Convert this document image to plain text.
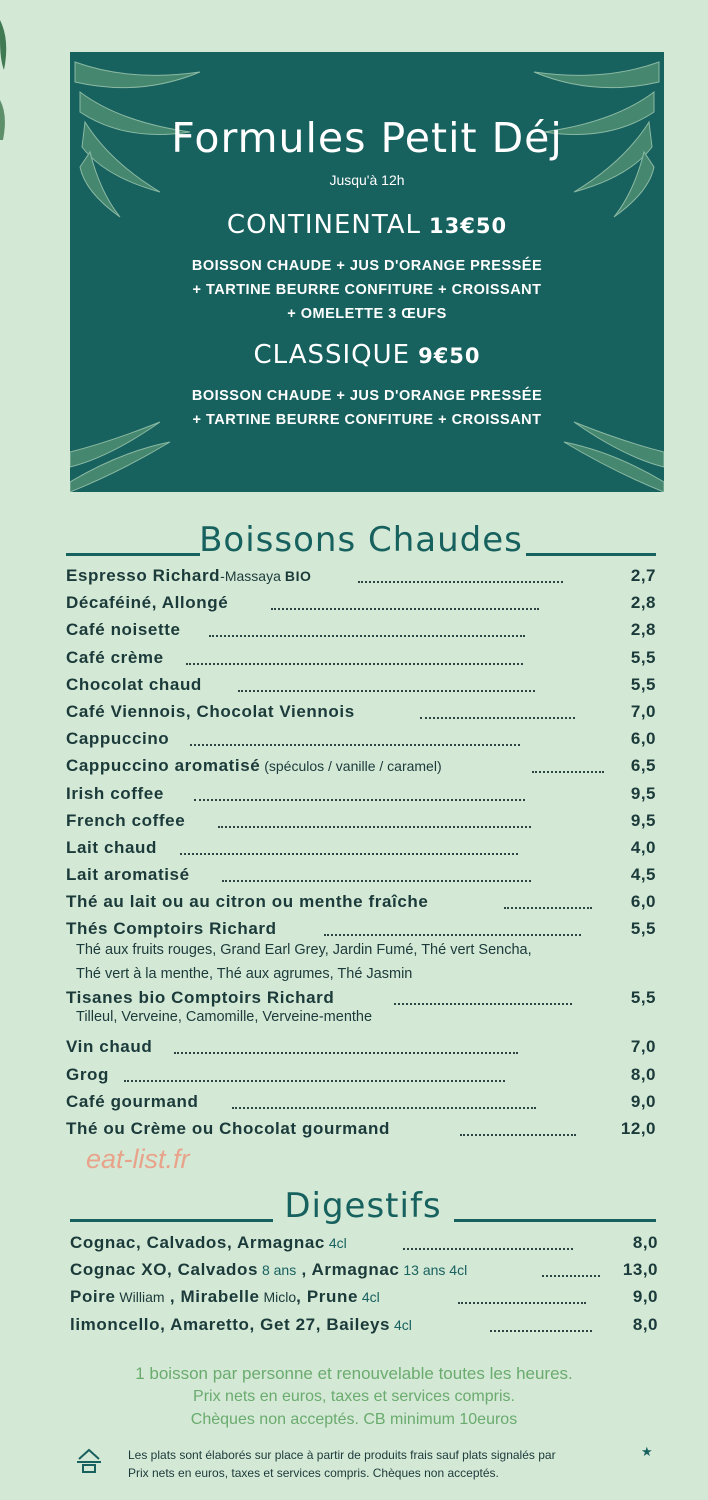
Formules Petit Déj
Jusqu'à 12h
CONTINENTAL 13€50
BOISSON CHAUDE + JUS D'ORANGE PRESSÉE
+ TARTINE BEURRE CONFITURE + CROISSANT
+ OMELETTE 3 ŒUFS
CLASSIQUE 9€50
BOISSON CHAUDE + JUS D'ORANGE PRESSÉE
+ TARTINE BEURRE CONFITURE + CROISSANT
Boissons Chaudes
Espresso Richard-Massaya BIO	2,7
Décaféiné, Allongé	2,8
Café noisette	2,8
Café crème	5,5
Chocolat chaud	5,5
Café Viennois, Chocolat Viennois	7,0
Cappuccino	6,0
Cappuccino aromatisé (spéculos / vanille / caramel)	6,5
Irish coffee	9,5
French coffee	9,5
Lait chaud	4,0
Lait aromatisé	4,5
Thé au lait ou au citron ou menthe fraîche	6,0
Thés Comptoirs Richard	5,5
Thé aux fruits rouges, Grand Earl Grey, Jardin Fumé, Thé vert Sencha,
Thé vert à la menthe, Thé aux agrumes, Thé Jasmin
Tisanes bio Comptoirs Richard	5,5
Tilleul, Verveine, Camomille, Verveine-menthe
Vin chaud	7,0
Grog	8,0
Café gourmand	9,0
Thé ou Crème ou Chocolat gourmand	12,0
eat-list.fr
Digestifs
Cognac, Calvados, Armagnac 4cl	8,0
Cognac XO, Calvados 8 ans , Armagnac 13 ans 4cl	13,0
Poire William , Mirabelle Miclo, Prune 4cl	9,0
limoncello, Amaretto, Get 27, Baileys 4cl	8,0
1 boisson par personne et renouvelable toutes les heures.
Prix nets en euros, taxes et services compris.
Chèques non acceptés. CB minimum 10euros
Les plats sont élaborés sur place à partir de produits frais sauf plats signalés par
Prix nets en euros, taxes et services compris. Chèques non acceptés.
★
